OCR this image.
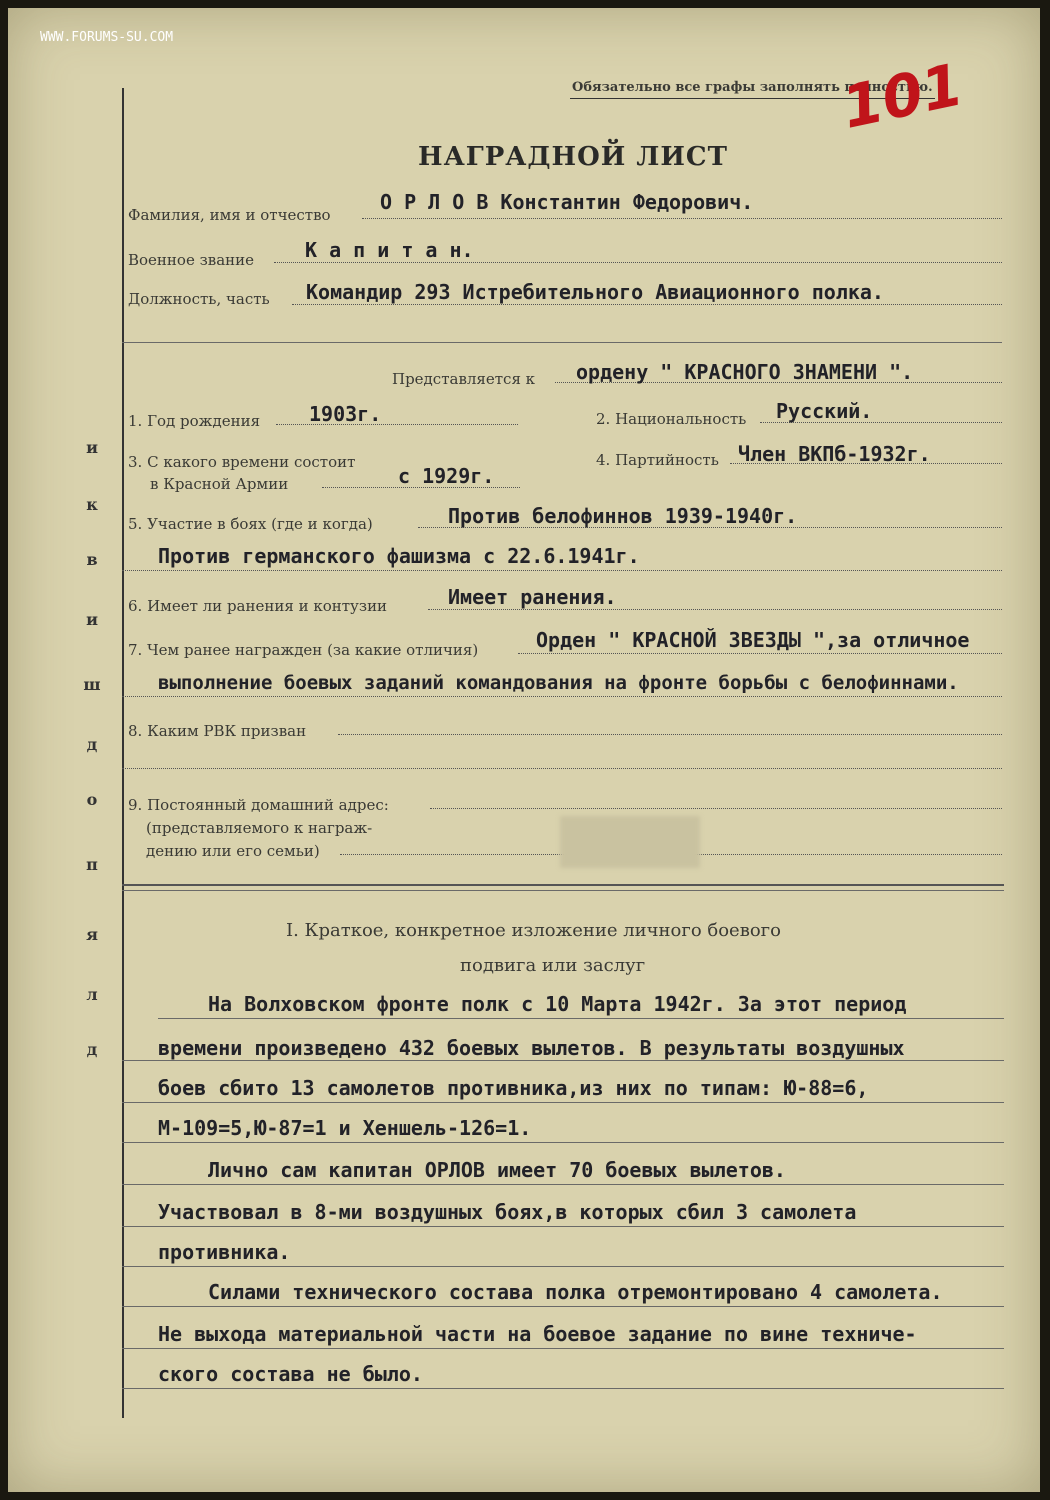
WWW.FORUMS-SU.COM
Обязательно все графы заполнять полностью.
101
д
л
я
п
о
д
ш
и
в
к
и
НАГРАДНОЙ ЛИСТ
Фамилия, имя и отчество
О Р Л О В Константин Федорович.
Военное звание	К а п и т а н.
Должность, часть Командир 293 Истребительного Авиационного полка.
Представляется к ордену " КРАСНОГО ЗНАМЕНИ ".
1. Год рождения 1903г.	2. Национальность Русский.
3. С какого времени состоит
в Красной Армии	с 1929г.
4. Партийность Член ВКПб-1932г.
5. Участие в боях (где и когда)	Против белофиннов 1939-1940г.
Против германского фашизма с 22.6.1941г.
6. Имеет ли ранения и контузии	Имеет ранения.
7. Чем ранее награжден (за какие отличия)	Орден " КРАСНОЙ ЗВЕЗДЫ ",за отличное
выполнение боевых заданий командования на фронте борьбы с белофиннами.
8. Каким РВК призван
9. Постоянный домашний адрес:
(представляемого к награж-
дению или его семьи)
I. Краткое, конкретное изложение личного боевого
подвига или заслуг
На Волховском фронте полк с 10 Марта 1942г. За этот период
времени произведено 432 боевых вылетов. В результаты воздушных
боев сбито 13 самолетов противника,из них по типам: Ю-88=6,
М-109=5,Ю-87=1 и Хеншель-126=1.
Лично сам капитан ОРЛОВ имеет 70 боевых вылетов.
Участвовал в 8-ми воздушных боях,в которых сбил 3 самолета
противника.
Силами технического состава полка отремонтировано 4 самолета.
Не выхода материальной части на боевое задание по вине техниче-
ского состава не было.
